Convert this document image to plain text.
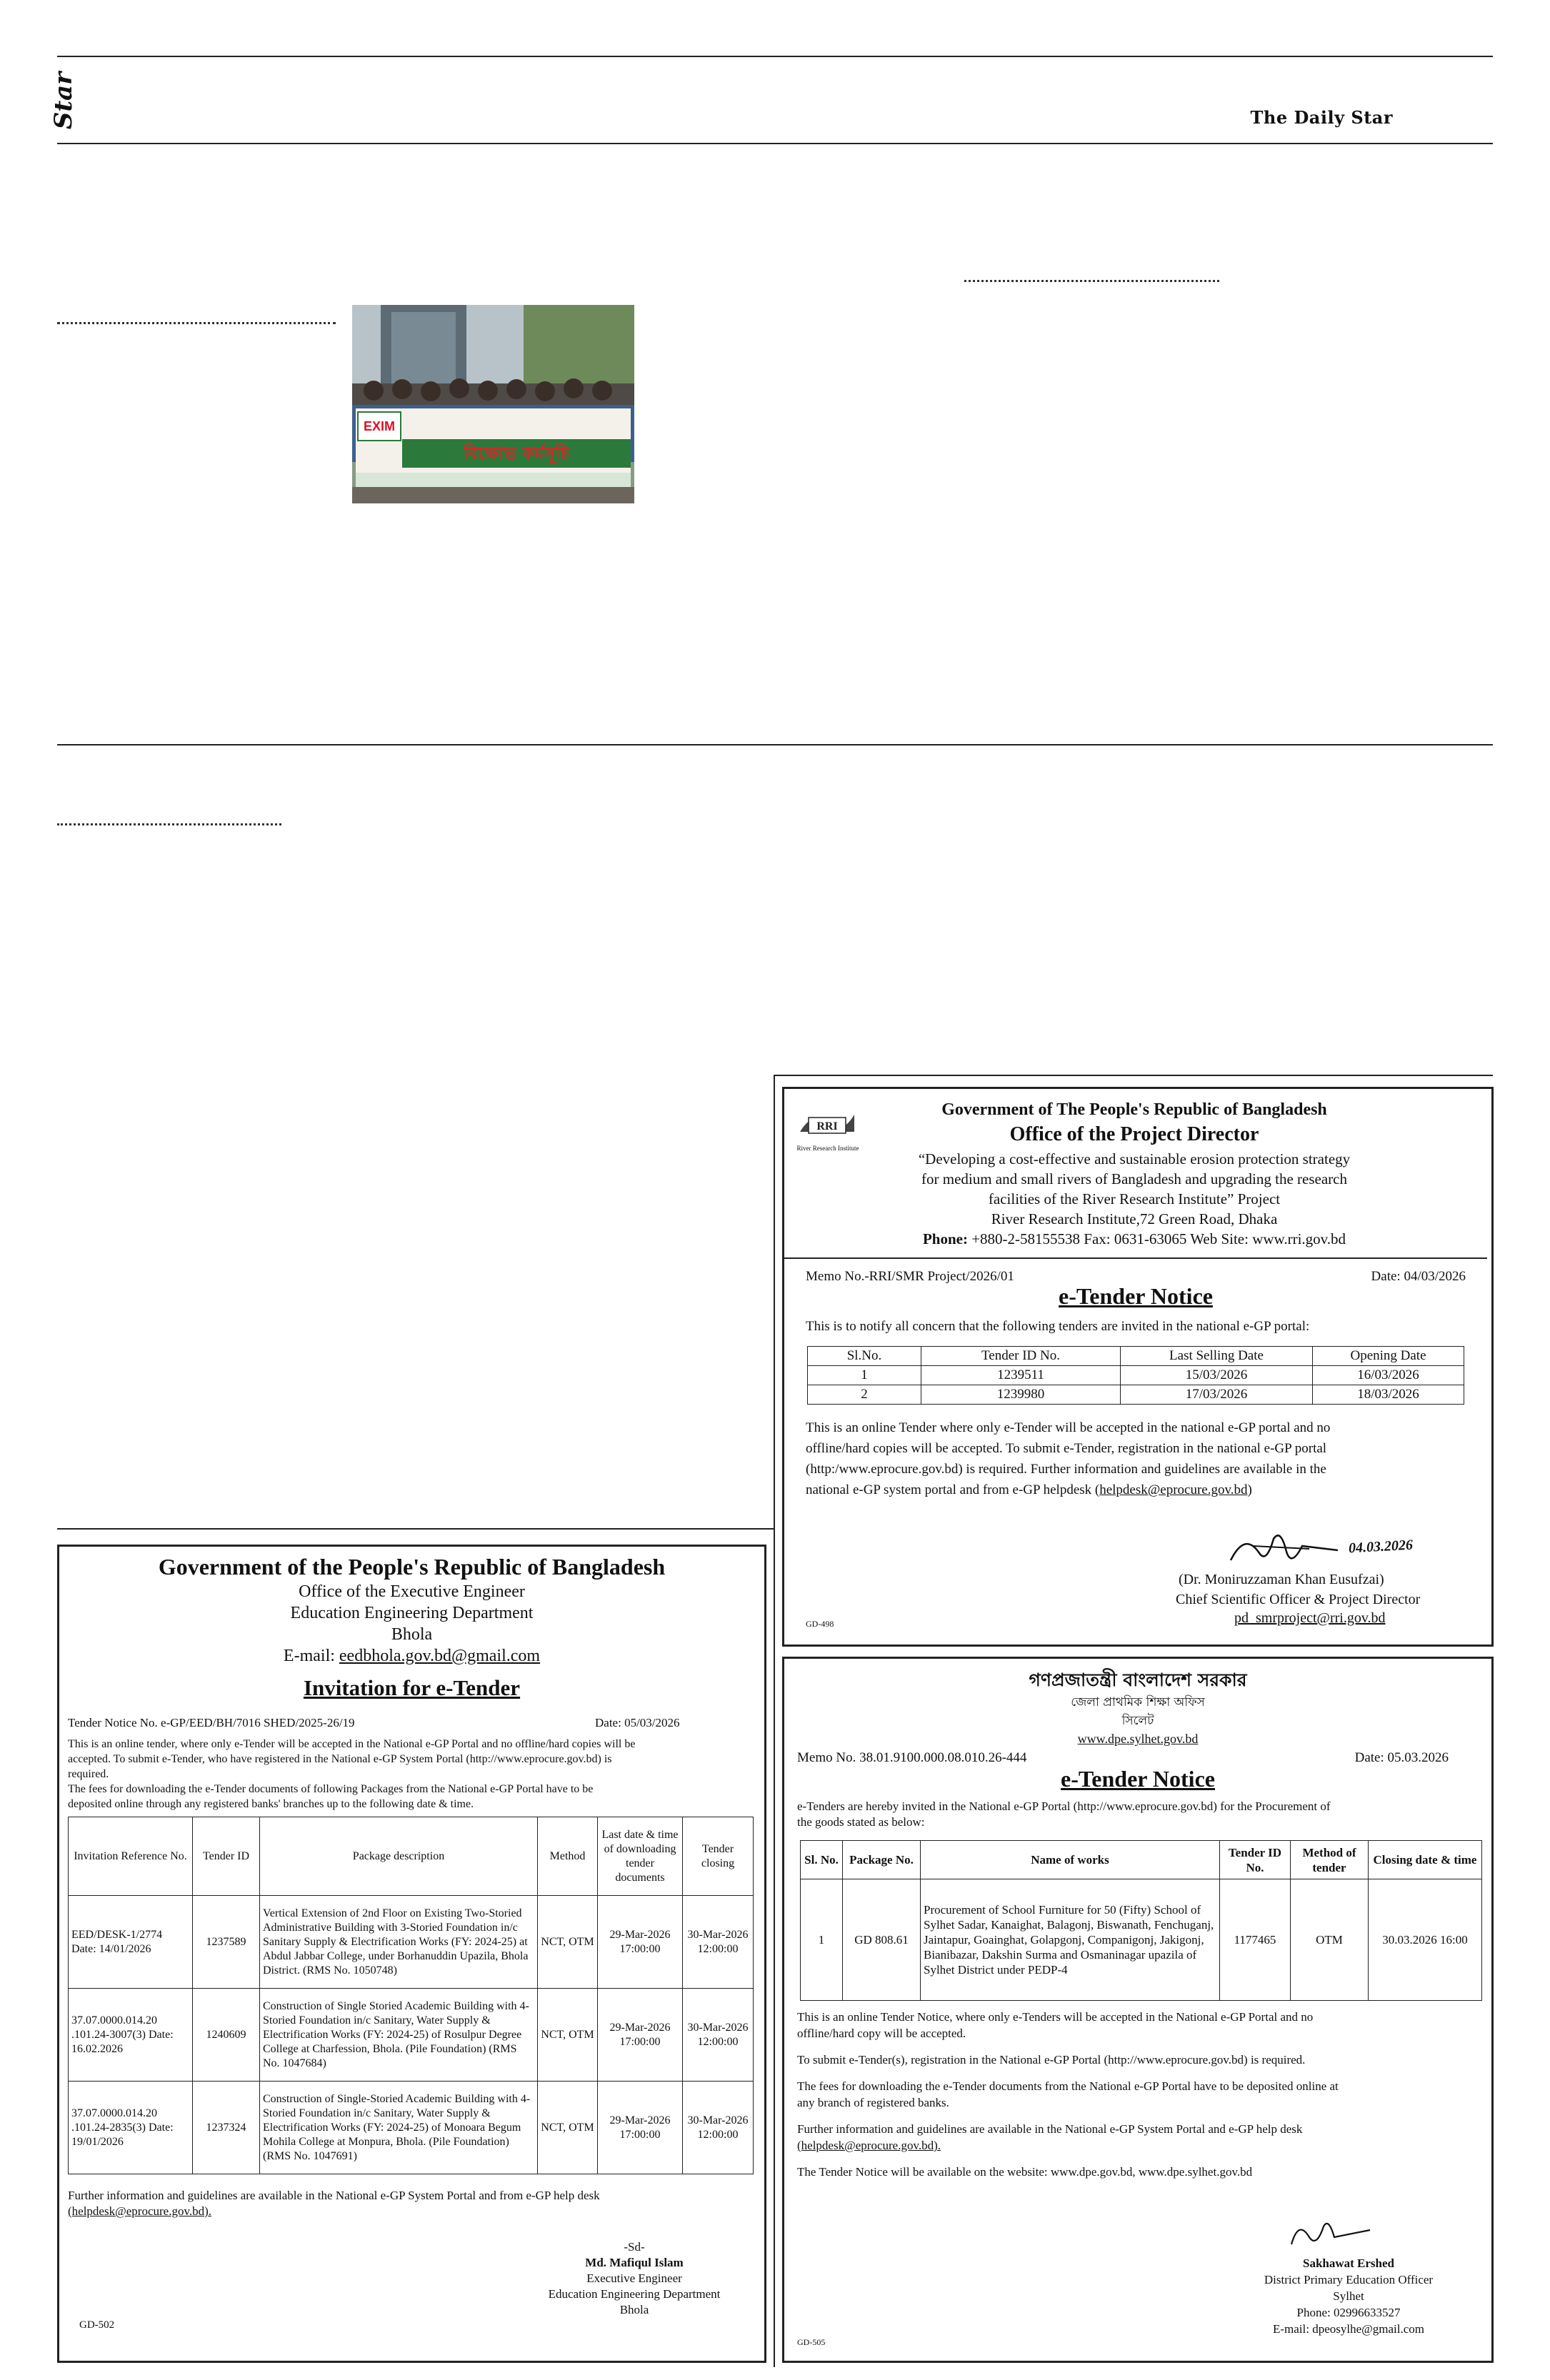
Star	The Daily Star
EXIM
বিক্ষোভ কর্মসূচি
RRI
River Research Institute
Government of The People's Republic of Bangladesh
Office of the Project Director
“Developing a cost-effective and sustainable erosion protection strategy
for medium and small rivers of Bangladesh and upgrading the research
facilities of the River Research Institute” Project
River Research Institute,72 Green Road, Dhaka
Phone: +880-2-58155538 Fax: 0631-63065 Web Site: www.rri.gov.bd
Memo No.-RRI/SMR Project/2026/01	Date: 04/03/2026
e-Tender Notice
This is to notify all concern that the following tenders are invited in the national e-GP portal:
Sl.No.	Tender ID No.	Last Selling Date	Opening Date
1	1239511	15/03/2026	16/03/2026
2	1239980	17/03/2026	18/03/2026
This is an online Tender where only e-Tender will be accepted in the national e-GP portal and no
offline/hard copies will be accepted. To submit e-Tender, registration in the national e-GP portal
(http:/www.eprocure.gov.bd) is required. Further information and guidelines are available in the
national e-GP system portal and from e-GP helpdesk (helpdesk@eprocure.gov.bd)
04.03.2026
(Dr. Moniruzzaman Khan Eusufzai)
Chief Scientific Officer & Project Director
pd_smrproject@rri.gov.bd
GD-498
Government of the People's Republic of Bangladesh
Office of the Executive Engineer
Education Engineering Department
Bhola
E-mail: eedbhola.gov.bd@gmail.com
Invitation for e-Tender
Tender Notice No. e-GP/EED/BH/7016 SHED/2025-26/19	Date: 05/03/2026
This is an online tender, where only e-Tender will be accepted in the National e-GP Portal and no offline/hard copies will be
accepted. To submit e-Tender, who have registered in the National e-GP System Portal (http://www.eprocure.gov.bd) is
required.
The fees for downloading the e-Tender documents of following Packages from the National e-GP Portal have to be
deposited online through any registered banks' branches up to the following date & time.
Invitation Reference No.	Tender ID	Package description	Method	Last date & time of downloading tender documents	Tender closing
EED/DESK-1/2774 Date: 14/01/2026	1237589	Vertical Extension of 2nd Floor on Existing Two-Storied Administrative Building with 3-Storied Foundation in/c Sanitary Supply & Electrification Works (FY: 2024-25) at Abdul Jabbar College, under Borhanuddin Upazila, Bhola District. (RMS No. 1050748)	NCT, OTM	29-Mar-2026 17:00:00	30-Mar-2026 12:00:00
37.07.0000.014.20 .101.24-3007(3) Date: 16.02.2026	1240609	Construction of Single Storied Academic Building with 4-Storied Foundation in/c Sanitary, Water Supply & Electrification Works (FY: 2024-25) of Rosulpur Degree College at Charfession, Bhola. (Pile Foundation) (RMS No. 1047684)	NCT, OTM	29-Mar-2026 17:00:00	30-Mar-2026 12:00:00
37.07.0000.014.20 .101.24-2835(3) Date: 19/01/2026	1237324	Construction of Single-Storied Academic Building with 4-Storied Foundation in/c Sanitary, Water Supply & Electrification Works (FY: 2024-25) of Monoara Begum Mohila College at Monpura, Bhola. (Pile Foundation) (RMS No. 1047691)	NCT, OTM	29-Mar-2026 17:00:00	30-Mar-2026 12:00:00
Further information and guidelines are available in the National e-GP System Portal and from e-GP help desk
(helpdesk@eprocure.gov.bd).
-Sd-
Md. Mafiqul Islam
Executive Engineer
Education Engineering Department
Bhola
GD-502
গণপ্রজাতন্ত্রী বাংলাদেশ সরকার
জেলা প্রাথমিক শিক্ষা অফিস
সিলেট
www.dpe.sylhet.gov.bd
Memo No. 38.01.9100.000.08.010.26-444	Date: 05.03.2026
e-Tender Notice
e-Tenders are hereby invited in the National e-GP Portal (http://www.eprocure.gov.bd) for the Procurement of
the goods stated as below:
Sl. No.	Package No.	Name of works	Tender ID No.	Method of tender	Closing date & time
1	GD 808.61	Procurement of School Furniture for 50 (Fifty) School of Sylhet Sadar, Kanaighat, Balagonj, Biswanath, Fenchuganj, Jaintapur, Goainghat, Golapgonj, Companigonj, Jakigonj, Bianibazar, Dakshin Surma and Osmaninagar upazila of Sylhet District under PEDP-4	1177465	OTM	30.03.2026 16:00
This is an online Tender Notice, where only e-Tenders will be accepted in the National e-GP Portal and no
offline/hard copy will be accepted.
To submit e-Tender(s), registration in the National e-GP Portal (http://www.eprocure.gov.bd) is required.
The fees for downloading the e-Tender documents from the National e-GP Portal have to be deposited online at
any branch of registered banks.
Further information and guidelines are available in the National e-GP System Portal and e-GP help desk
(helpdesk@eprocure.gov.bd).
The Tender Notice will be available on the website: www.dpe.gov.bd, www.dpe.sylhet.gov.bd
Sakhawat Ershed
District Primary Education Officer
Sylhet
Phone: 02996633527
E-mail: dpeosylhe@gmail.com
GD-505
